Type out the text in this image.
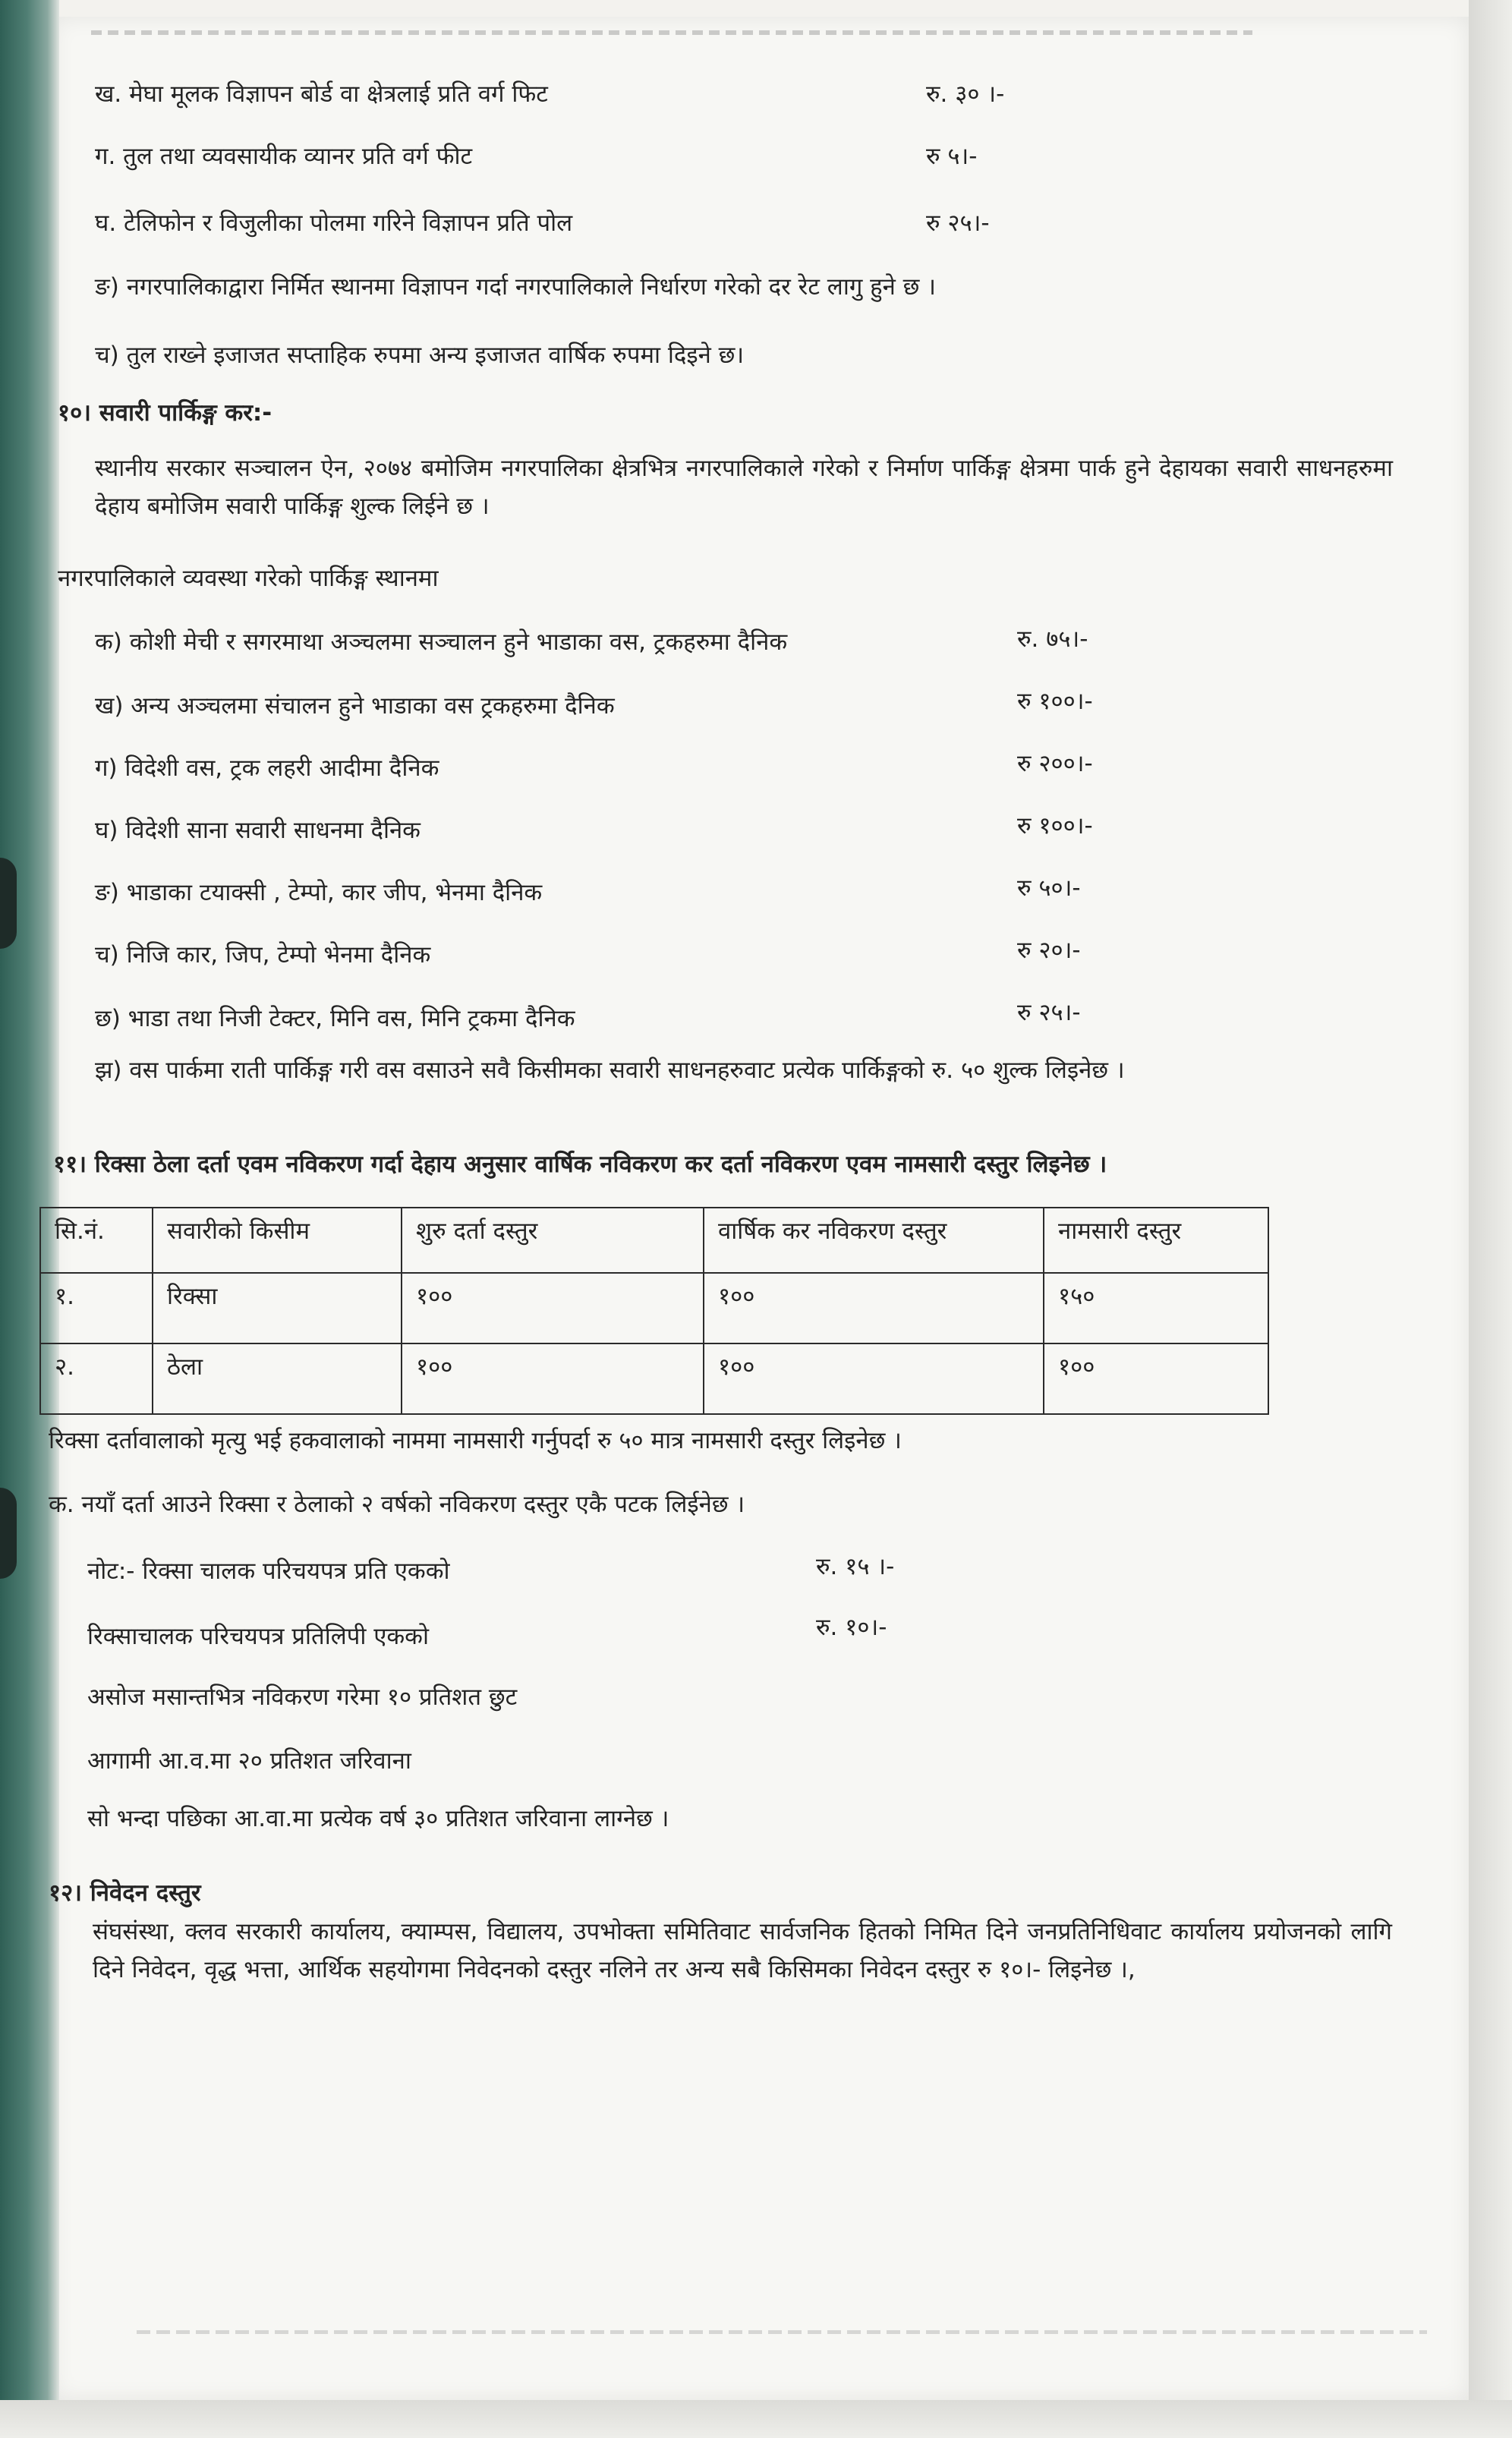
ख. मेघा मूलक विज्ञापन बोर्ड वा क्षेत्रलाई प्रति वर्ग फिट	रु. ३० ।-
ग. तुल तथा व्यवसायीक व्यानर प्रति वर्ग फीट	रु ५।-
घ. टेलिफोन र विजुलीका पोलमा गरिने विज्ञापन प्रति पोल	रु २५।-
ङ) नगरपालिकाद्वारा निर्मित स्थानमा विज्ञापन गर्दा नगरपालिकाले निर्धारण गरेको दर रेट लागु हुने छ ।
च) तुल राख्ने इजाजत सप्ताहिक रुपमा अन्य इजाजत वार्षिक रुपमा दिइने छ।
१०। सवारी पार्किङ्ग कर:-
स्थानीय सरकार सञ्चालन ऐन, २०७४ बमोजिम नगरपालिका क्षेत्रभित्र नगरपालिकाले गरेको र निर्माण पार्किङ्ग क्षेत्रमा पार्क हुने देहायका सवारी साधनहरुमा देहाय बमोजिम सवारी पार्किङ्ग शुल्क लिईने छ ।
नगरपालिकाले व्यवस्था गरेको पार्किङ्ग स्थानमा
क) कोशी मेची र सगरमाथा अञ्चलमा सञ्चालन हुने भाडाका वस, ट्रकहरुमा दैनिक	रु. ७५।-
ख) अन्य अञ्चलमा संचालन हुने भाडाका वस ट्रकहरुमा दैनिक	रु १००।-
ग) विदेशी वस, ट्रक लहरी आदीमा दैनिक	रु २००।-
घ) विदेशी साना सवारी साधनमा दैनिक	रु १००।-
ङ) भाडाका टयाक्सी , टेम्पो, कार जीप, भेनमा दैनिक	रु ५०।-
च) निजि कार, जिप, टेम्पो भेनमा दैनिक	रु २०।-
छ) भाडा तथा निजी टेक्टर, मिनि वस, मिनि ट्रकमा दैनिक	रु २५।-
झ) वस पार्कमा राती पार्किङ्ग गरी वस वसाउने सवै किसीमका सवारी साधनहरुवाट प्रत्येक पार्किङ्गको रु. ५० शुल्क लिइनेछ ।
११। रिक्सा ठेला दर्ता एवम नविकरण गर्दा देहाय अनुसार वार्षिक नविकरण कर दर्ता नविकरण एवम नामसारी दस्तुर लिइनेछ ।
सि.नं.	सवारीको किसीम	शुरु दर्ता दस्तुर	वार्षिक कर नविकरण दस्तुर	नामसारी दस्तुर
१.	रिक्सा	१००	१००	१५०
२.	ठेला	१००	१००	१००
रिक्सा दर्तावालाको मृत्यु भई हकवालाको नाममा नामसारी गर्नुपर्दा रु ५० मात्र नामसारी दस्तुर लिइनेछ ।
क. नयाँ दर्ता आउने रिक्सा र ठेलाको २ वर्षको नविकरण दस्तुर एकै पटक लिईनेछ ।
नोट:- रिक्सा चालक परिचयपत्र प्रति एकको	रु. १५ ।-
रिक्साचालक परिचयपत्र प्रतिलिपी एकको	रु. १०।-
असोज मसान्तभित्र नविकरण गरेमा १० प्रतिशत छुट
आगामी आ.व.मा २० प्रतिशत जरिवाना
सो भन्दा पछिका आ.वा.मा प्रत्येक वर्ष ३० प्रतिशत जरिवाना लाग्नेछ ।
१२। निवेदन दस्तुर
संघसंस्था, क्लव सरकारी कार्यालय, क्याम्पस, विद्यालय, उपभोक्ता समितिवाट सार्वजनिक हितको निमित दिने जनप्रतिनिधिवाट कार्यालय प्रयोजनको लागि दिने निवेदन, वृद्ध भत्ता, आर्थिक सहयोगमा निवेदनको दस्तुर नलिने तर अन्य सबै किसिमका निवेदन दस्तुर रु १०।- लिइनेछ ।,
